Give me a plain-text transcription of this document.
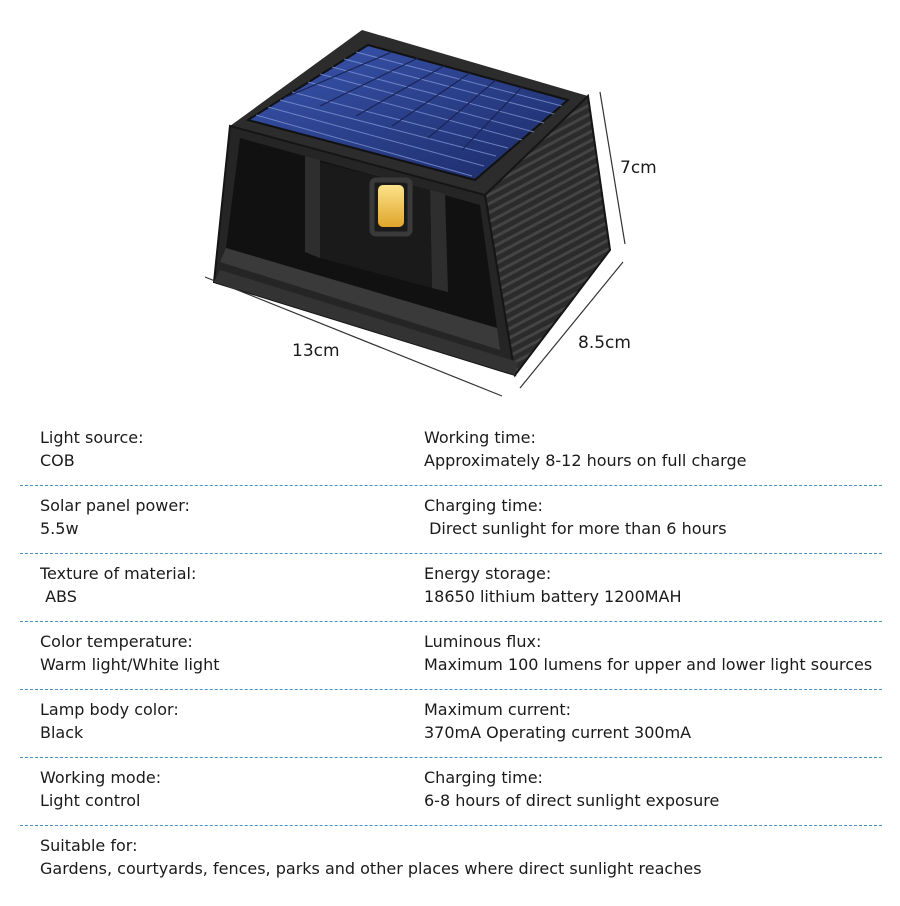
7cm
8.5cm
13cm
Light source:
COB
Working time:
Approximately 8-12 hours on full charge
Solar panel power:
5.5w
Charging time:
Direct sunlight for more than 6 hours
Texture of material:
ABS
Energy storage:
18650 lithium battery 1200MAH
Color temperature:
Warm light/White light
Luminous flux:
Maximum 100 lumens for upper and lower light sources
Lamp body color:
Black
Maximum current:
370mA Operating current 300mA
Working mode:
Light control
Charging time:
6-8 hours of direct sunlight exposure
Suitable for:
Gardens, courtyards, fences, parks and other places where direct sunlight reaches
